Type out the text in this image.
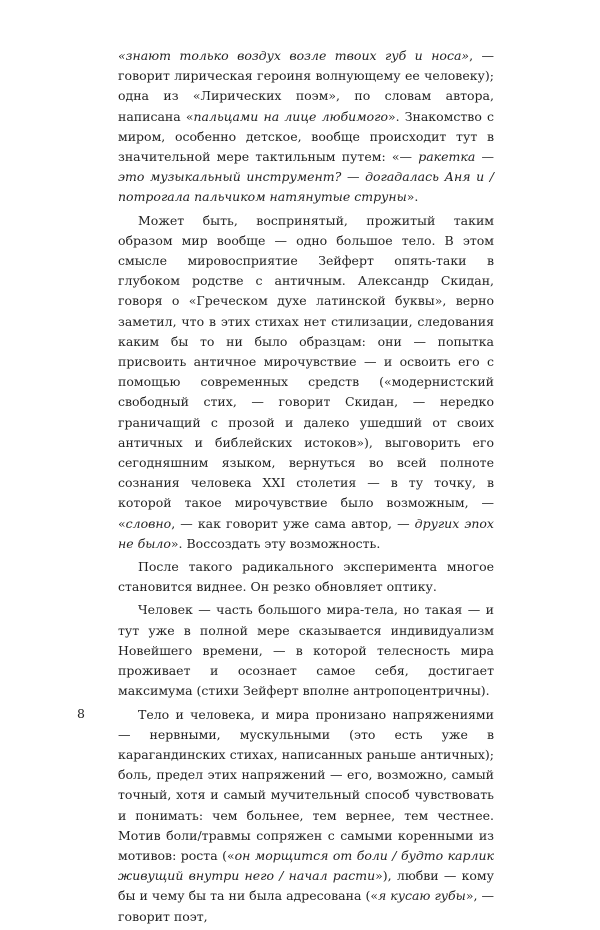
«знают только воздух возле твоих губ и носа», — говорит лирическая героиня волнующему ее человеку); одна из «Лирических поэм», по словам автора, написана «пальцами на лице любимого». Знакомство с миром, особенно детское, вообще происходит тут в значительной мере тактильным путем: «— ракетка — это музыкальный инструмент? — догадалась Аня и / потрогала пальчиком натянутые струны».

Может быть, воспринятый, прожитый таким образом мир вообще — одно большое тело. В этом смысле мировосприятие Зейферт опять-таки в глубоком родстве с античным. Александр Скидан, говоря о «Греческом духе латинской буквы», верно заметил, что в этих стихах нет стилизации, следования каким бы то ни было образцам: они — попытка присвоить античное мирочувствие — и освоить его с помощью современных средств («модернистский свободный стих, — говорит Скидан, — нередко граничащий с прозой и далеко ушедший от своих античных и библейских истоков»), выговорить его сегодняшним языком, вернуться во всей полноте сознания человека XXI столетия — в ту точку, в которой такое мирочувствие было возможным, — «словно, — как говорит уже сама автор, — других эпох не было». Воссоздать эту возможность.

После такого радикального эксперимента многое становится виднее. Он резко обновляет оптику.

Человек — часть большого мира-тела, но такая — и тут уже в полной мере сказывается индивидуализм Новейшего времени, — в которой телесность мира проживает и осознает самое себя, достигает максимума (стихи Зейферт вполне антропоцентричны).

Тело и человека, и мира пронизано напряжениями — нервными, мускульными (это есть уже в карагандинских стихах, написанных раньше античных); боль, предел этих напряжений — его, возможно, самый точный, хотя и самый мучительный способ чувствовать и понимать: чем больнее, тем вернее, тем честнее. Мотив боли/травмы сопряжен с самыми коренными из мотивов: роста («он морщится от боли / будто карлик живущий внутри него / начал расти»), любви — кому бы и чему бы та ни была адресована («я кусаю губы», — говорит поэт,

8
